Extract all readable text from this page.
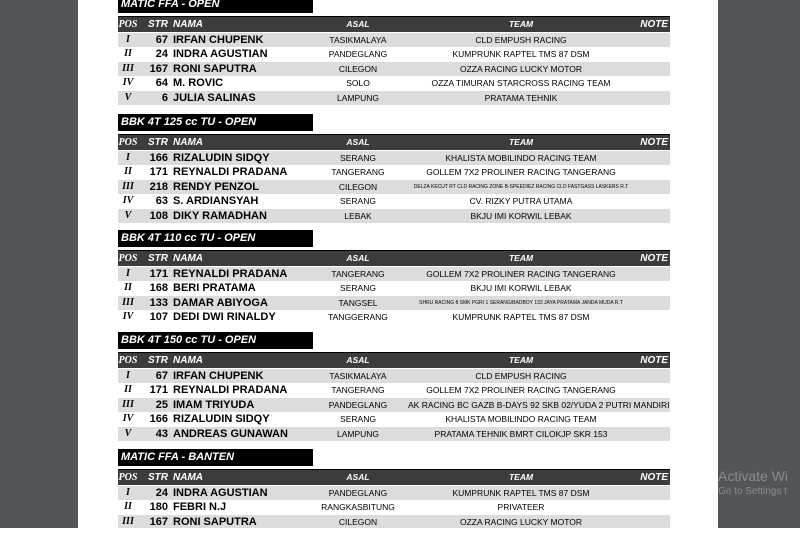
MATIC FFA - OPEN
POS	STR NAMA	ASAL	TEAM	NOTE
I	67 IRFAN CHUPENK	TASIKMALAYA	CLD EMPUSH RACING
II	24 INDRA AGUSTIAN	PANDEGLANG	KUMPRUNK RAPTEL TMS 87 DSM
III	167 RONI SAPUTRA	CILEGON	OZZA RACING LUCKY MOTOR
IV	64 M. ROVIC	SOLO	OZZA TIMURAN STARCROSS RACING TEAM
V	6 JULIA SALINAS	LAMPUNG	PRATAMA TEHNIK
BBK 4T 125 cc TU - OPEN
POS	STR NAMA	ASAL	TEAM	NOTE
I	166 RIZALUDIN SIDQY	SERANG	KHALISTA MOBILINDO RACING TEAM
II	171 REYNALDI PRADANA	TANGERANG	GOLLEM 7X2 PROLINER RACING TANGERANG
III	218 RENDY PENZOL	CILEGON	DELZA KECUT RT CLD RACING ZONE B-SPEEDIEZ RACING CLD FASTGASS LASKERS R.T
IV	63 S. ARDIANSYAH	SERANG	CV. RIZKY PUTRA UTAMA
V	108 DIKY RAMADHAN	LEBAK	BKJU IMI KORWIL LEBAK
BBK 4T 110 cc TU - OPEN
POS	STR NAMA	ASAL	TEAM	NOTE
I	171 REYNALDI PRADANA	TANGERANG	GOLLEM 7X2 PROLINER RACING TANGERANG
II	168 BERI PRATAMA	SERANG	BKJU IMI KORWIL LEBAK
III	133 DAMAR ABIYOGA	TANGSEL	SHRU RACING ft SMK PGRI 1 SERANG/BADBOY 133 JAYA PRATAMA JANDA MUDA R.T
IV	107 DEDI DWI RINALDY	TANGGERANG	KUMPRUNK RAPTEL TMS 87 DSM
BBK 4T 150 cc TU - OPEN
POS	STR NAMA	ASAL	TEAM	NOTE
I	67 IRFAN CHUPENK	TASIKMALAYA	CLD EMPUSH RACING
II	171 REYNALDI PRADANA	TANGERANG	GOLLEM 7X2 PROLINER RACING TANGERANG
III	25 IMAM TRIYUDA	PANDEGLANG	AK RACING BC GAZB B-DAYS 92 SKB 02/YUDA 2 PUTRI MANDIRI
IV	166 RIZALUDIN SIDQY	SERANG	KHALISTA MOBILINDO RACING TEAM
V	43 ANDREAS GUNAWAN	LAMPUNG	PRATAMA TEHNIK BMRT CILOKJP SKR 153
MATIC FFA - BANTEN
POS	STR NAMA	ASAL	TEAM	NOTE
I	24 INDRA AGUSTIAN	PANDEGLANG	KUMPRUNK RAPTEL TMS 87 DSM
II	180 FEBRI N.J	RANGKASBITUNG	PRIVATEER
III	167 RONI SAPUTRA	CILEGON	OZZA RACING LUCKY MOTOR
Activate Wi
Go to Settings t
